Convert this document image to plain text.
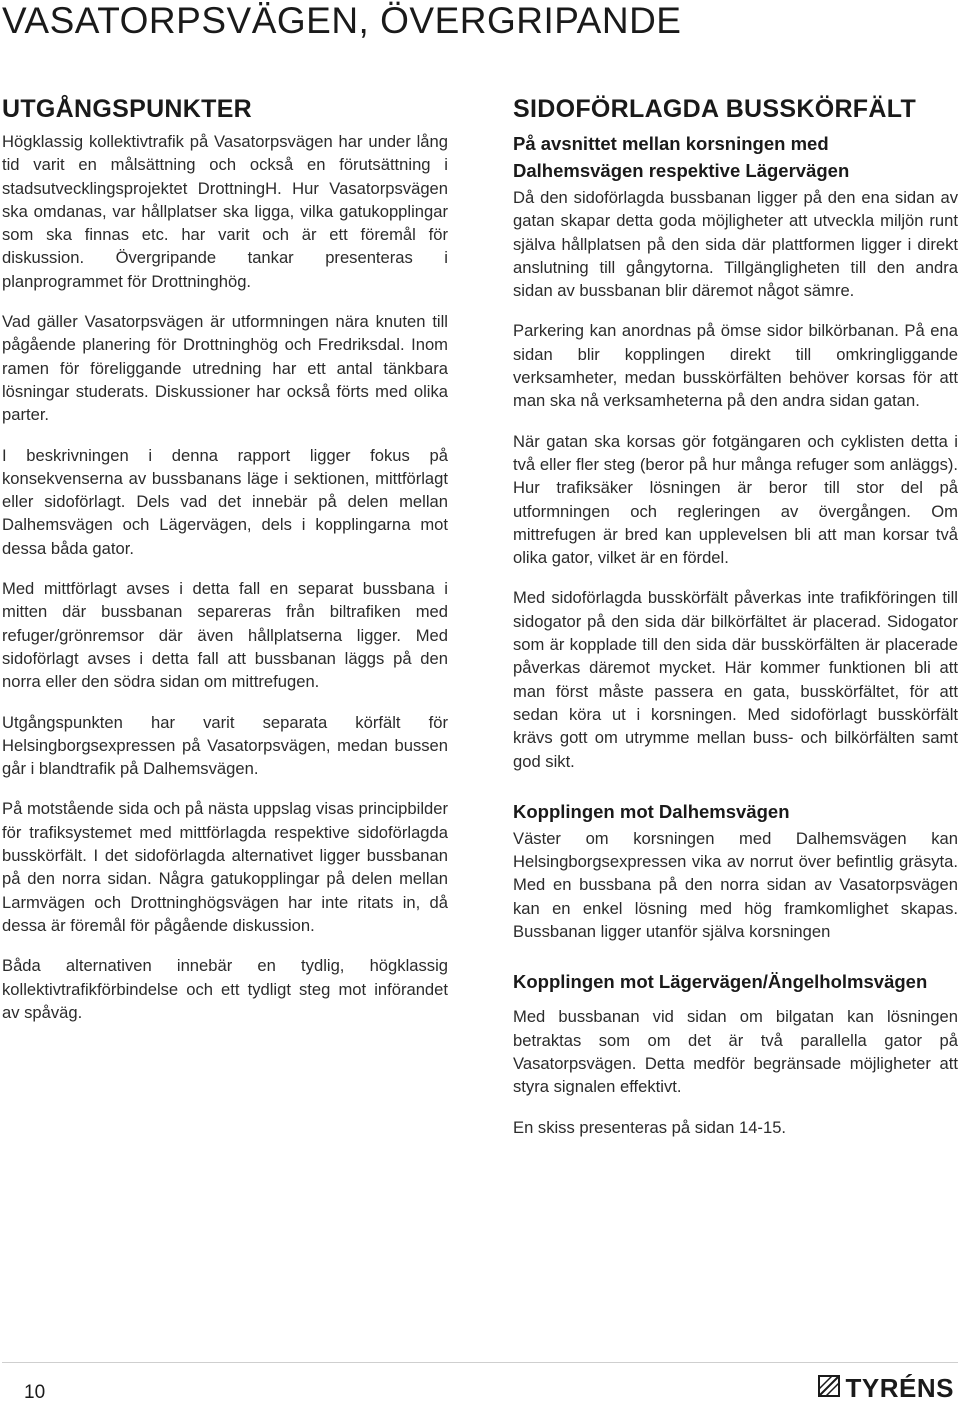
VASATORPSVÄGEN, ÖVERGRIPANDE
UTGÅNGSPUNKTER

Högklassig kollektivtrafik på Vasatorpsvägen har under lång tid varit en målsättning och också en förutsättning i stadsutvecklingsprojektet DrottningH. Hur Vasatorpsvägen ska omdanas, var hållplatser ska ligga, vilka gatukopplingar som ska finnas etc. har varit och är ett föremål för diskussion. Övergripande tankar presenteras i planprogrammet för Drottninghög.

Vad gäller Vasatorpsvägen är utformningen nära knuten till pågående planering för Drottninghög och Fredriksdal. Inom ramen för föreliggande utredning har ett antal tänkbara lösningar studerats. Diskussioner har också förts med olika parter.

I beskrivningen i denna rapport ligger fokus på konsekvenserna av bussbanans läge i sektionen, mittförlagt eller sidoförlagt. Dels vad det innebär på delen mellan Dalhemsvägen och Lägervägen, dels i kopplingarna mot dessa båda gator.

Med mittförlagt avses i detta fall en separat bussbana i mitten där bussbanan separeras från biltrafiken med refuger/grönremsor där även hållplatserna ligger. Med sidoförlagt avses i detta fall att bussbanan läggs på den norra eller den södra sidan om mittrefugen.

Utgångspunkten har varit separata körfält för Helsingborgsexpressen på Vasatorpsvägen, medan bussen går i blandtrafik på Dalhemsvägen.

På motstående sida och på nästa uppslag visas principbilder för trafiksystemet med mittförlagda respektive sidoförlagda busskörfält. I det sidoförlagda alternativet ligger bussbanan på den norra sidan. Några gatukopplingar på delen mellan Larmvägen och Drottninghögsvägen har inte ritats in, då dessa är föremål för pågående diskussion.

Båda alternativen innebär en tydlig, högklassig kollektivtrafikförbindelse och ett tydligt steg mot införandet av spåväg.

SIDOFÖRLAGDA BUSSKÖRFÄLT
På avsnittet mellan korsningen med Dalhemsvägen respektive Lägervägen

Då den sidoförlagda bussbanan ligger på den ena sidan av gatan skapar detta goda möjligheter att utveckla miljön runt själva hållplatsen på den sida där plattformen ligger i direkt anslutning till gångytorna. Tillgängligheten till den andra sidan av bussbanan blir däremot något sämre.

Parkering kan anordnas på ömse sidor bilkörbanan. På ena sidan blir kopplingen direkt till omkringliggande verksamheter, medan busskörfälten behöver korsas för att man ska nå verksamheterna på den andra sidan gatan.

När gatan ska korsas gör fotgängaren och cyklisten detta i två eller fler steg (beror på hur många refuger som anläggs). Hur trafiksäker lösningen är beror till stor del på utformningen och regleringen av övergången. Om mittrefugen är bred kan upplevelsen bli att man korsar två olika gator, vilket är en fördel.

Med sidoförlagda busskörfält påverkas inte trafikföringen till sidogator på den sida där bilkörfältet är placerad. Sidogator som är kopplade till den sida där busskörfälten är placerade påverkas däremot mycket. Här kommer funktionen bli att man först måste passera en gata, busskörfältet, för att sedan köra ut i korsningen. Med sidoförlagt busskörfält krävs gott om utrymme mellan buss- och bilkörfälten samt god sikt.

Kopplingen mot Dalhemsvägen

Väster om korsningen med Dalhemsvägen kan Helsingborgsexpressen vika av norrut över befintlig gräsyta. Med en bussbana på den norra sidan av Vasatorpsvägen kan en enkel lösning med hög framkomlighet skapas. Bussbanan ligger utanför själva korsningen

Kopplingen mot Lägervägen/Ängelholmsvägen

Med bussbanan vid sidan om bilgatan kan lösningen betraktas som om det är två parallella gator på Vasatorpsvägen. Detta medför begränsade möjligheter att styra signalen effektivt.

En skiss presenteras på sidan 14-15.

10	TYRÉNS
